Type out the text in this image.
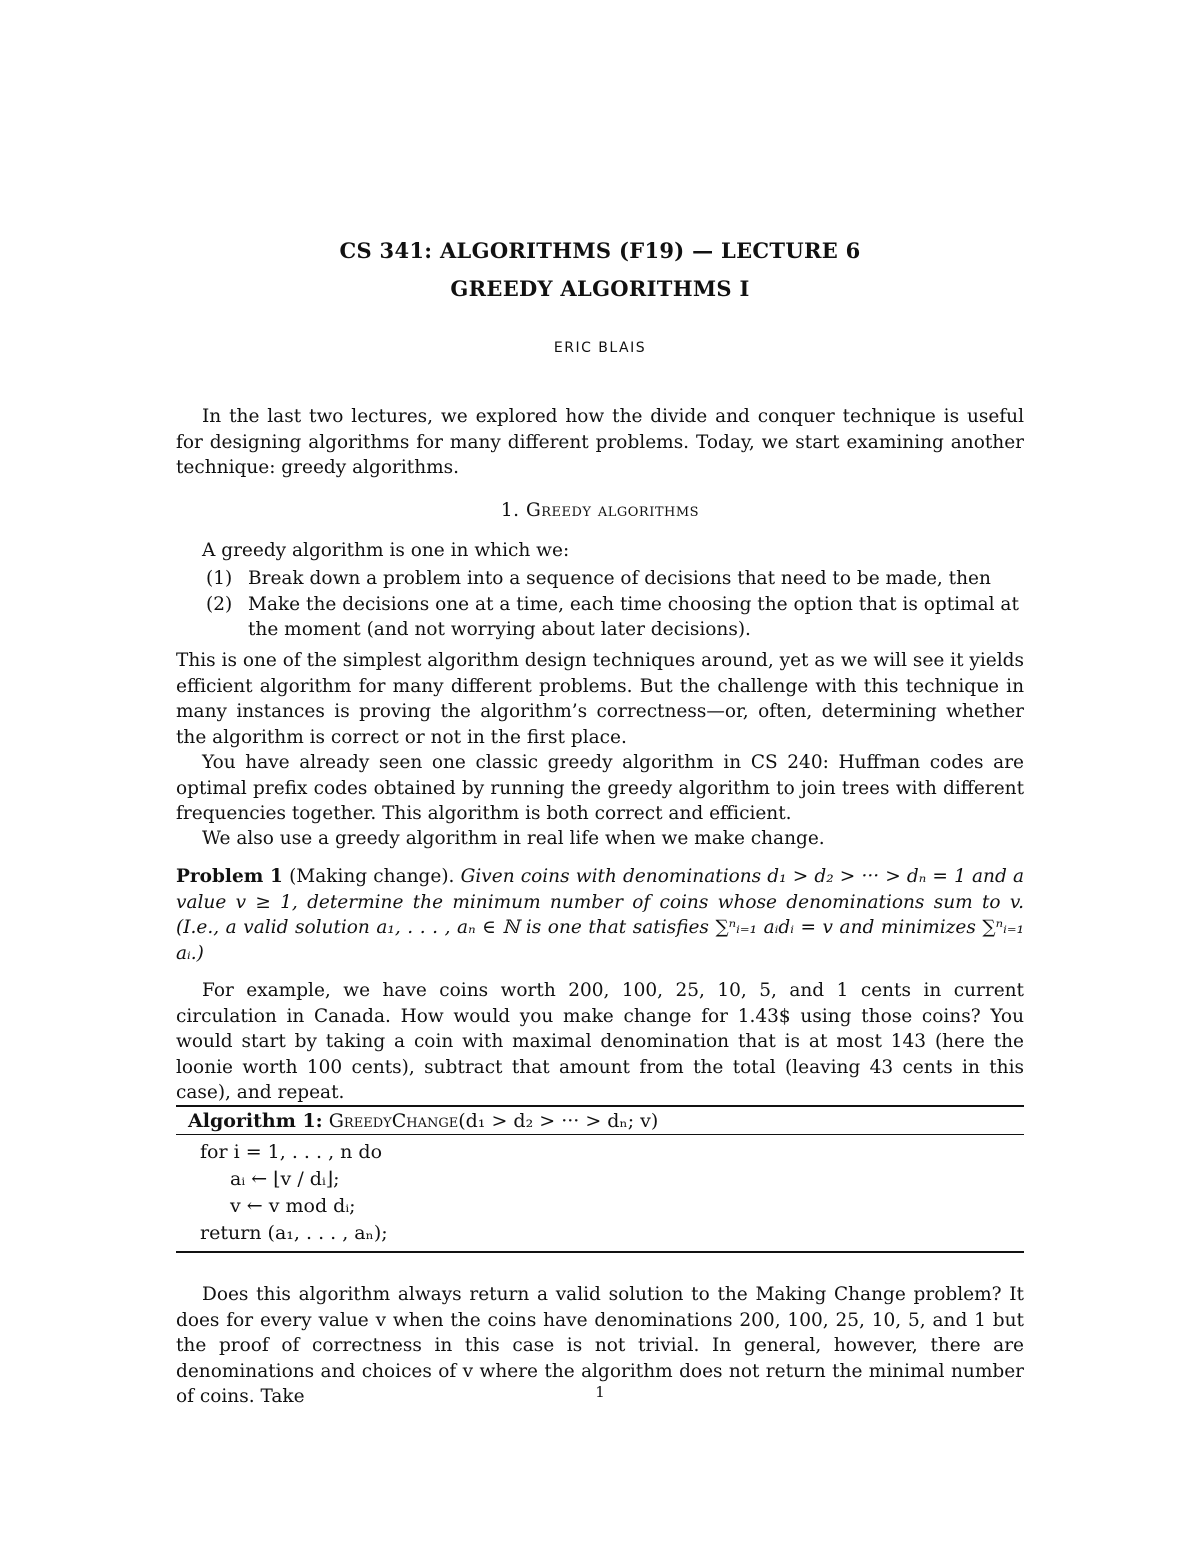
CS 341: ALGORITHMS (F19) — LECTURE 6
GREEDY ALGORITHMS I
ERIC BLAIS
In the last two lectures, we explored how the divide and conquer technique is useful for designing algorithms for many different problems. Today, we start examining another technique: greedy algorithms.
1. Greedy algorithms
A greedy algorithm is one in which we:
(1) Break down a problem into a sequence of decisions that need to be made, then
(2) Make the decisions one at a time, each time choosing the option that is optimal at the moment (and not worrying about later decisions).
This is one of the simplest algorithm design techniques around, yet as we will see it yields efficient algorithm for many different problems. But the challenge with this technique in many instances is proving the algorithm’s correctness—or, often, determining whether the algorithm is correct or not in the first place.
You have already seen one classic greedy algorithm in CS 240: Huffman codes are optimal prefix codes obtained by running the greedy algorithm to join trees with different frequencies together. This algorithm is both correct and efficient.
We also use a greedy algorithm in real life when we make change.
Problem 1 (Making change). Given coins with denominations d₁ > d₂ > ··· > dₙ = 1 and a value v ≥ 1, determine the minimum number of coins whose denominations sum to v. (I.e., a valid solution a₁, . . . , aₙ ∈ ℕ is one that satisfies ∑ⁿᵢ₌₁ aᵢdᵢ = v and minimizes ∑ⁿᵢ₌₁ aᵢ.)
For example, we have coins worth 200, 100, 25, 10, 5, and 1 cents in current circulation in Canada. How would you make change for 1.43$ using those coins? You would start by taking a coin with maximal denomination that is at most 143 (here the loonie worth 100 cents), subtract that amount from the total (leaving 43 cents in this case), and repeat.
Algorithm 1: GreedyChange(d₁ > d₂ > ··· > dₙ; v)
for i = 1, . . . , n do
aᵢ ← ⌊v / dᵢ⌋;
v ← v mod dᵢ;
return (a₁, . . . , aₙ);
Does this algorithm always return a valid solution to the Making Change problem? It does for every value v when the coins have denominations 200, 100, 25, 10, 5, and 1 but the proof of correctness in this case is not trivial. In general, however, there are denominations and choices of v where the algorithm does not return the minimal number of coins. Take	1
